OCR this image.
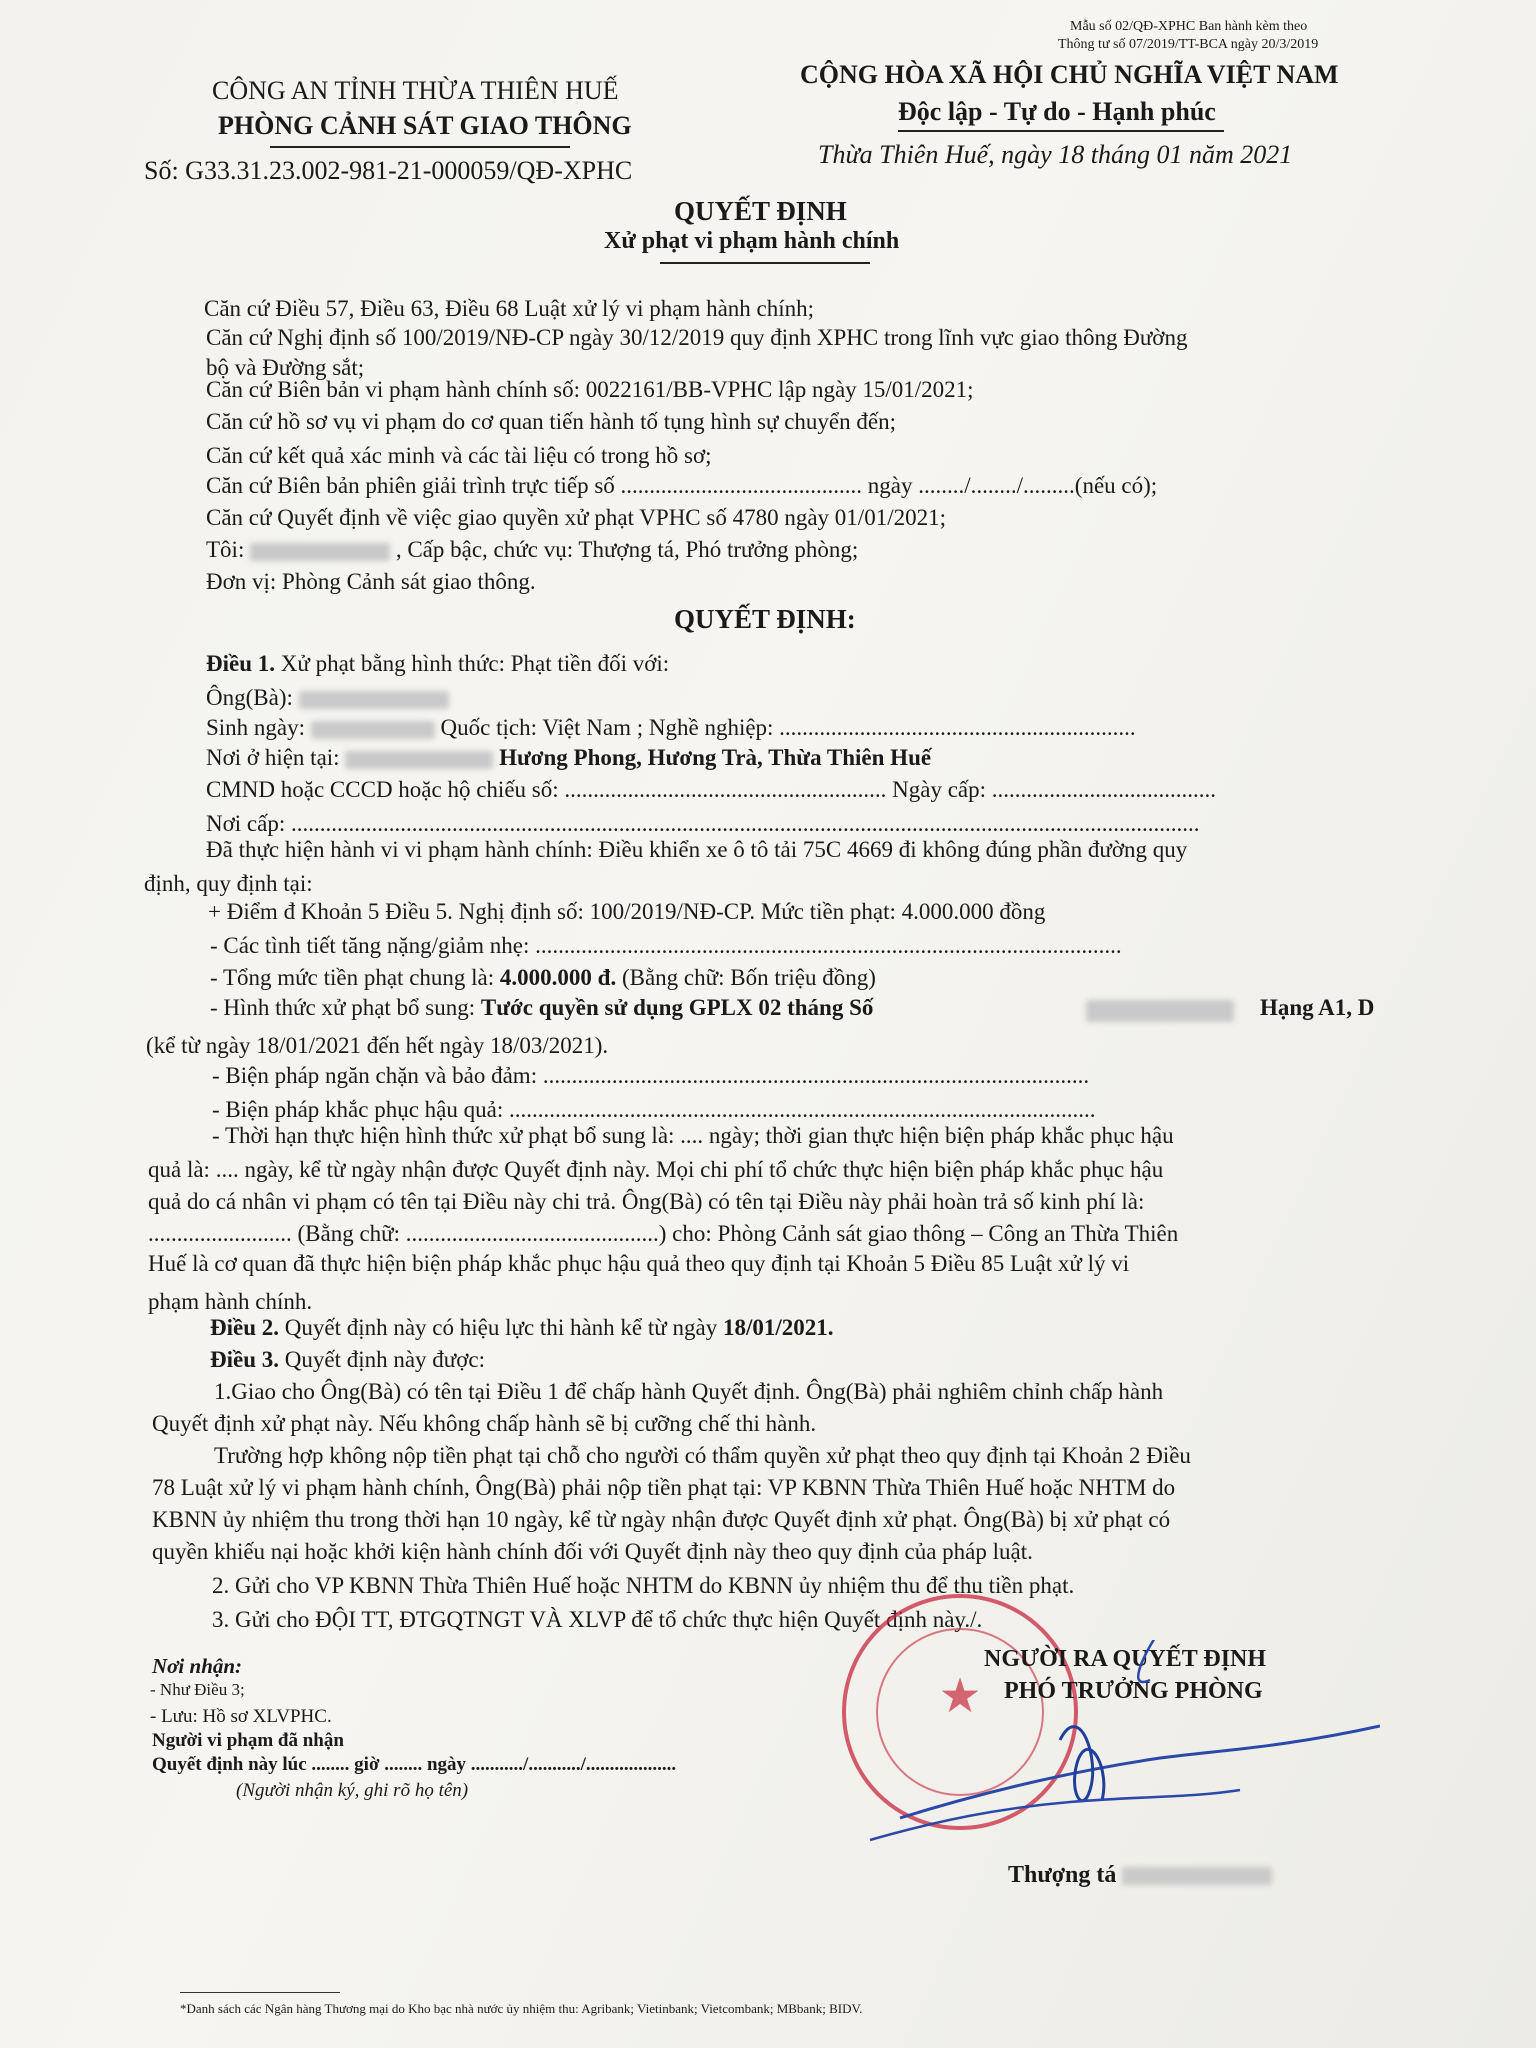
Mẫu số 02/QĐ-XPHC Ban hành kèm theo
Thông tư số 07/2019/TT-BCA ngày 20/3/2019
CÔNG AN TỈNH THỪA THIÊN HUẾ
PHÒNG CẢNH SÁT GIAO THÔNG
Số: G33.31.23.002-981-21-000059/QĐ-XPHC
CỘNG HÒA XÃ HỘI CHỦ NGHĨA VIỆT NAM
Độc lập - Tự do - Hạnh phúc
Thừa Thiên Huế, ngày 18 tháng 01 năm 2021
QUYẾT ĐỊNH
Xử phạt vi phạm hành chính
Căn cứ Điều 57, Điều 63, Điều 68 Luật xử lý vi phạm hành chính;
Căn cứ Nghị định số 100/2019/NĐ-CP ngày 30/12/2019 quy định XPHC trong lĩnh vực giao thông Đường
bộ và Đường sắt;
Căn cứ Biên bản vi phạm hành chính số: 0022161/BB-VPHC lập ngày 15/01/2021;
Căn cứ hồ sơ vụ vi phạm do cơ quan tiến hành tố tụng hình sự chuyển đến;
Căn cứ kết quả xác minh và các tài liệu có trong hồ sơ;
Căn cứ Biên bản phiên giải trình trực tiếp số .......................................... ngày ......../......../.........(nếu có);
Căn cứ Quyết định về việc giao quyền xử phạt VPHC số 4780 ngày 01/01/2021;
Tôi:	, Cấp bậc, chức vụ: Thượng tá, Phó trưởng phòng;
Đơn vị: Phòng Cảnh sát giao thông.
QUYẾT ĐỊNH:
Điều 1. Xử phạt bằng hình thức: Phạt tiền đối với:
Ông(Bà):
Sinh ngày:	Quốc tịch: Việt Nam ; Nghề nghiệp: ..............................................................
Nơi ở hiện tại:	Hương Phong, Hương Trà, Thừa Thiên Huế
CMND hoặc CCCD hoặc hộ chiếu số: ........................................................ Ngày cấp: .......................................
Nơi cấp: ..............................................................................................................................................................
Đã thực hiện hành vi vi phạm hành chính: Điều khiển xe ô tô tải 75C 4669 đi không đúng phần đường quy
định, quy định tại:
+ Điểm đ Khoản 5 Điều 5. Nghị định số: 100/2019/NĐ-CP. Mức tiền phạt: 4.000.000 đồng
- Các tình tiết tăng nặng/giảm nhẹ: ......................................................................................................
- Tổng mức tiền phạt chung là: 4.000.000 đ. (Bằng chữ: Bốn triệu đồng)
- Hình thức xử phạt bổ sung: Tước quyền sử dụng GPLX 02 tháng Số	Hạng A1, D
(kể từ ngày 18/01/2021 đến hết ngày 18/03/2021).
- Biện pháp ngăn chặn và bảo đảm: ...............................................................................................
- Biện pháp khắc phục hậu quả: ......................................................................................................
- Thời hạn thực hiện hình thức xử phạt bổ sung là: .... ngày; thời gian thực hiện biện pháp khắc phục hậu
quả là: .... ngày, kể từ ngày nhận được Quyết định này. Mọi chi phí tổ chức thực hiện biện pháp khắc phục hậu
quả do cá nhân vi phạm có tên tại Điều này chi trả. Ông(Bà) có tên tại Điều này phải hoàn trả số kinh phí là:
......................... (Bằng chữ: ............................................) cho: Phòng Cảnh sát giao thông – Công an Thừa Thiên
Huế là cơ quan đã thực hiện biện pháp khắc phục hậu quả theo quy định tại Khoản 5 Điều 85 Luật xử lý vi
phạm hành chính.
Điều 2. Quyết định này có hiệu lực thi hành kể từ ngày 18/01/2021.
Điều 3. Quyết định này được:
1.Giao cho Ông(Bà) có tên tại Điều 1 để chấp hành Quyết định. Ông(Bà) phải nghiêm chỉnh chấp hành
Quyết định xử phạt này. Nếu không chấp hành sẽ bị cưỡng chế thi hành.
Trường hợp không nộp tiền phạt tại chỗ cho người có thẩm quyền xử phạt theo quy định tại Khoản 2 Điều
78 Luật xử lý vi phạm hành chính, Ông(Bà) phải nộp tiền phạt tại: VP KBNN Thừa Thiên Huế hoặc NHTM do
KBNN ủy nhiệm thu trong thời hạn 10 ngày, kể từ ngày nhận được Quyết định xử phạt. Ông(Bà) bị xử phạt có
quyền khiếu nại hoặc khởi kiện hành chính đối với Quyết định này theo quy định của pháp luật.
2. Gửi cho VP KBNN Thừa Thiên Huế hoặc NHTM do KBNN ủy nhiệm thu để thu tiền phạt.
3. Gửi cho ĐỘI TT, ĐTGQTNGT VÀ XLVP để tổ chức thực hiện Quyết định này./.
Nơi nhận:
- Như Điều 3;
- Lưu: Hồ sơ XLVPHC.
Người vi phạm đã nhận
Quyết định này lúc ........ giờ ........ ngày .........../.........../...................
(Người nhận ký, ghi rõ họ tên)
★
NGƯỜI RA QUYẾT ĐỊNH
PHÓ TRƯỞNG PHÒNG
Thượng tá
*Danh sách các Ngân hàng Thương mại do Kho bạc nhà nước ủy nhiệm thu: Agribank; Vietinbank; Vietcombank; MBbank; BIDV.
